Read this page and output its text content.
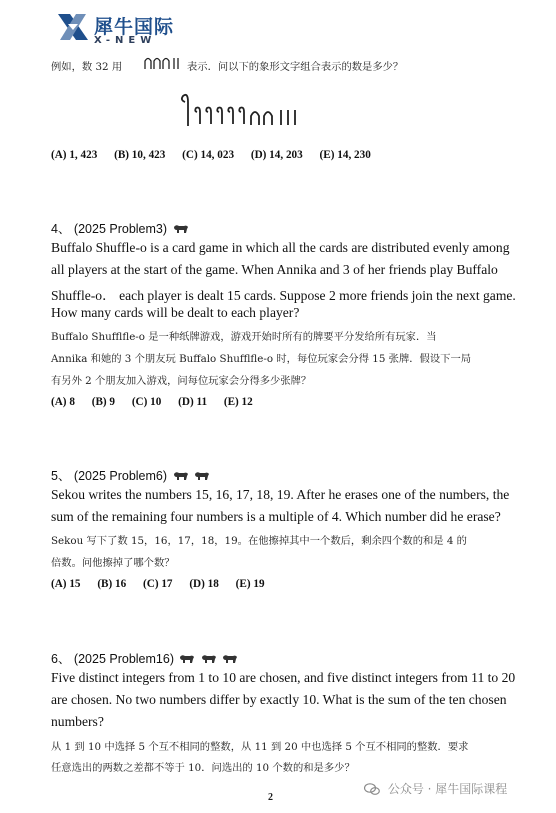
犀牛国际
X-NEW
例如，数 32 用	表示．问以下的象形文字组合表示的数是多少？
(A) 1, 423 (B) 10, 423 (C) 14, 023 (D) 14, 203 (E) 14, 230
4、 (2025 Problem3)
Buffalo Shuffle-o is a card game in which all the cards are distributed evenly among
all players at the start of the game. When Annika and 3 of her friends play Buffalo
Shuffle-o． each player is dealt 15 cards. Suppose 2 more friends join the next game.
How many cards will be dealt to each player?
Buffalo Shufflfle-o 是一种纸牌游戏，游戏开始时所有的牌要平分发给所有玩家．当
Annika 和她的 3 个朋友玩 Buffalo Shufflfle-o 时，每位玩家会分得 15 张牌．假设下一局
有另外 2 个朋友加入游戏，问每位玩家会分得多少张牌？
(A) 8 (B) 9 (C) 10 (D) 11 (E) 12
5、 (2025 Problem6)
Sekou writes the numbers 15, 16, 17, 18, 19. After he erases one of the numbers, the
sum of the remaining four numbers is a multiple of 4. Which number did he erase?
Sekou 写下了数 15，16，17，18，19。在他擦掉其中一个数后，剩余四个数的和是 4 的
倍数。问他擦掉了哪个数？
(A) 15 (B) 16 (C) 17 (D) 18 (E) 19
6、 (2025 Problem16)
Five distinct integers from 1 to 10 are chosen, and five distinct integers from 11 to 20
are chosen. No two numbers differ by exactly 10. What is the sum of the ten chosen
numbers?
从 1 到 10 中选择 5 个互不相同的整数，从 11 到 20 中也选择 5 个互不相同的整数．要求
任意选出的两数之差都不等于 10．问选出的 10 个数的和是多少？
2
公众号 · 犀牛国际课程
